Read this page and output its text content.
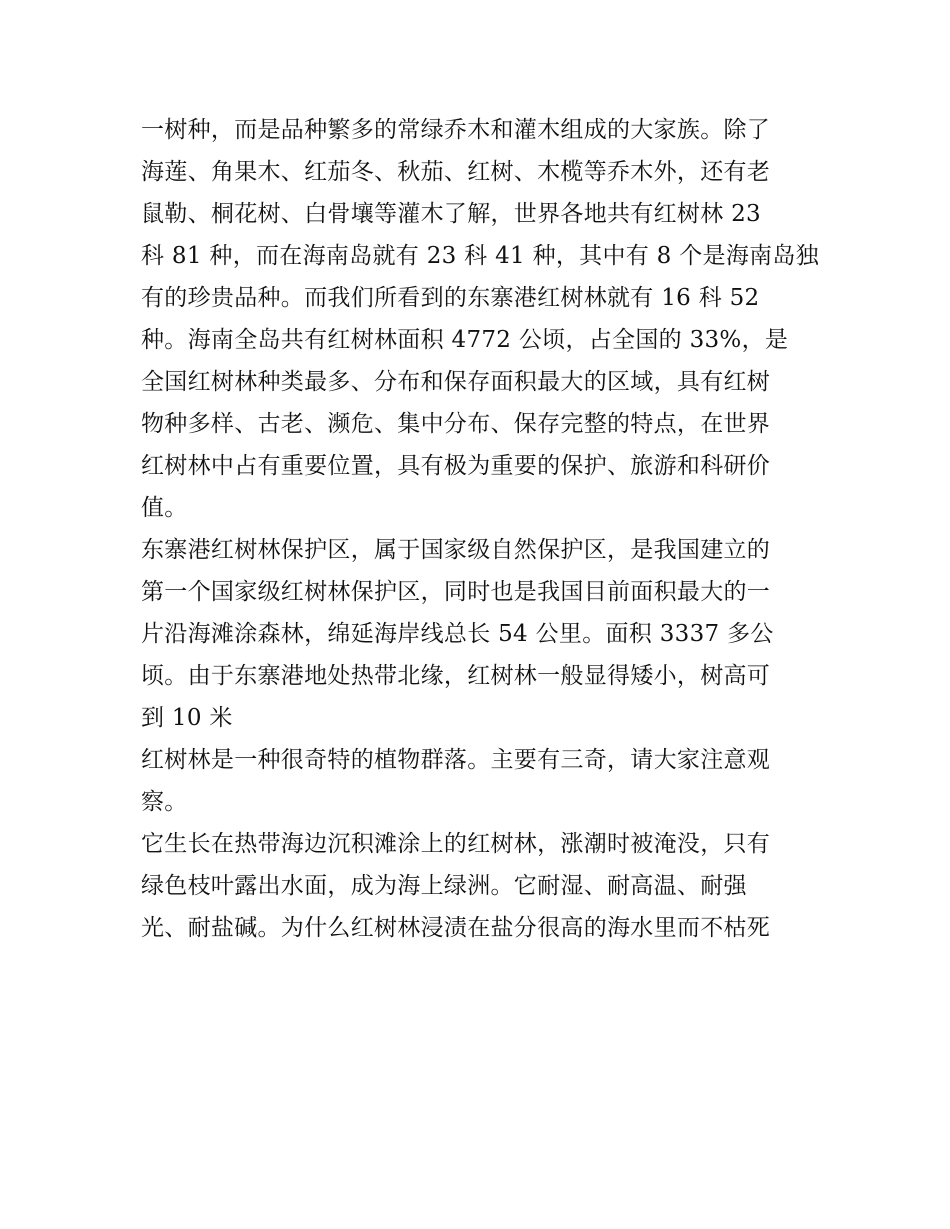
一树种，而是品种繁多的常绿乔木和灌木组成的大家族。除了
海莲、角果木、红茄冬、秋茄、红树、木榄等乔木外，还有老
鼠勒、桐花树、白骨壤等灌木了解，世界各地共有红树林 23
科 81 种，而在海南岛就有 23 科 41 种，其中有 8 个是海南岛独
有的珍贵品种。而我们所看到的东寨港红树林就有 16 科 52
种。海南全岛共有红树林面积 4772 公顷，占全国的 33%，是
全国红树林种类最多、分布和保存面积最大的区域，具有红树
物种多样、古老、濒危、集中分布、保存完整的特点，在世界
红树林中占有重要位置，具有极为重要的保护、旅游和科研价
值。
东寨港红树林保护区，属于国家级自然保护区，是我国建立的
第一个国家级红树林保护区，同时也是我国目前面积最大的一
片沿海滩涂森林，绵延海岸线总长 54 公里。面积 3337 多公
顷。由于东寨港地处热带北缘，红树林一般显得矮小，树高可
到 10 米
红树林是一种很奇特的植物群落。主要有三奇，请大家注意观
察。
它生长在热带海边沉积滩涂上的红树林，涨潮时被淹没，只有
绿色枝叶露出水面，成为海上绿洲。它耐湿、耐高温、耐强
光、耐盐碱。为什么红树林浸渍在盐分很高的海水里而不枯死
